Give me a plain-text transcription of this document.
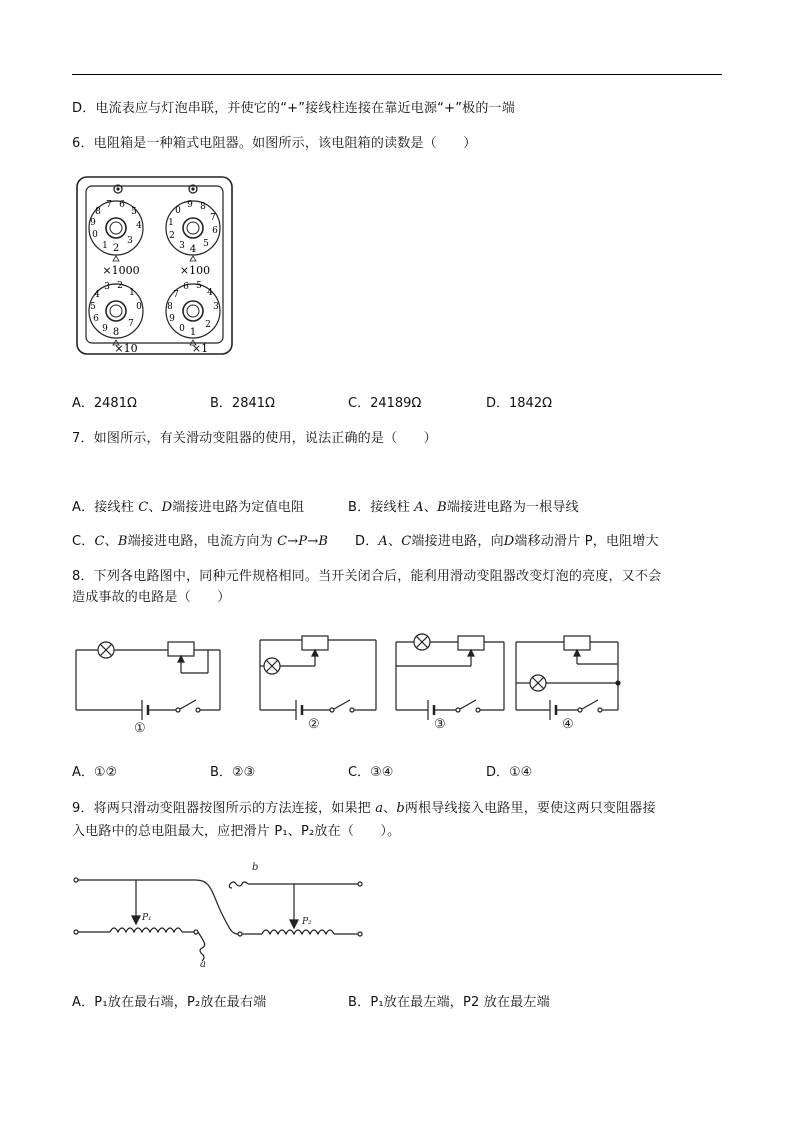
D．电流表应与灯泡串联，并使它的“+”接线柱连接在靠近电源“+”极的一端
6．电阻箱是一种箱式电阻器。如图所示，该电阻箱的读数是（　　）
2
1
0
9
8
7 6
5
4
3
×1000
4
3
2
1
0
9 8
7
6
5
×100
8
9
6
5
4
3 2
1
0
7
×10
1
0
9
8
7
6 5
4
3
2
×1
A．2481Ω	B．2841Ω	C．24189Ω	D．1842Ω
7．如图所示，有关滑动变阻器的使用，说法正确的是（　　）
A．接线柱 C、D端接进电路为定值电阻	B．接线柱 A、B端接进电路为一根导线
C．C、B端接进电路，电流方向为 C→P→B D．A、C端接进电路，向D端移动滑片 P，电阻增大
8．下列各电路图中，同种元件规格相同。当开关闭合后，能利用滑动变阻器改变灯泡的亮度，又不会
造成事故的电路是（　　）
①	②	③	④
A．①②	B．②③	C．③④	D．①④
9．将两只滑动变阻器按图所示的方法连接，如果把 a、b两根导线接入电路里，要使这两只变阻器接
入电路中的总电阻最大，应把滑片 P₁、P₂放在（　　）。
P₁
a
P₂
b
A．P₁放在最右端，P₂放在最右端	B．P₁放在最左端，P2 放在最左端
